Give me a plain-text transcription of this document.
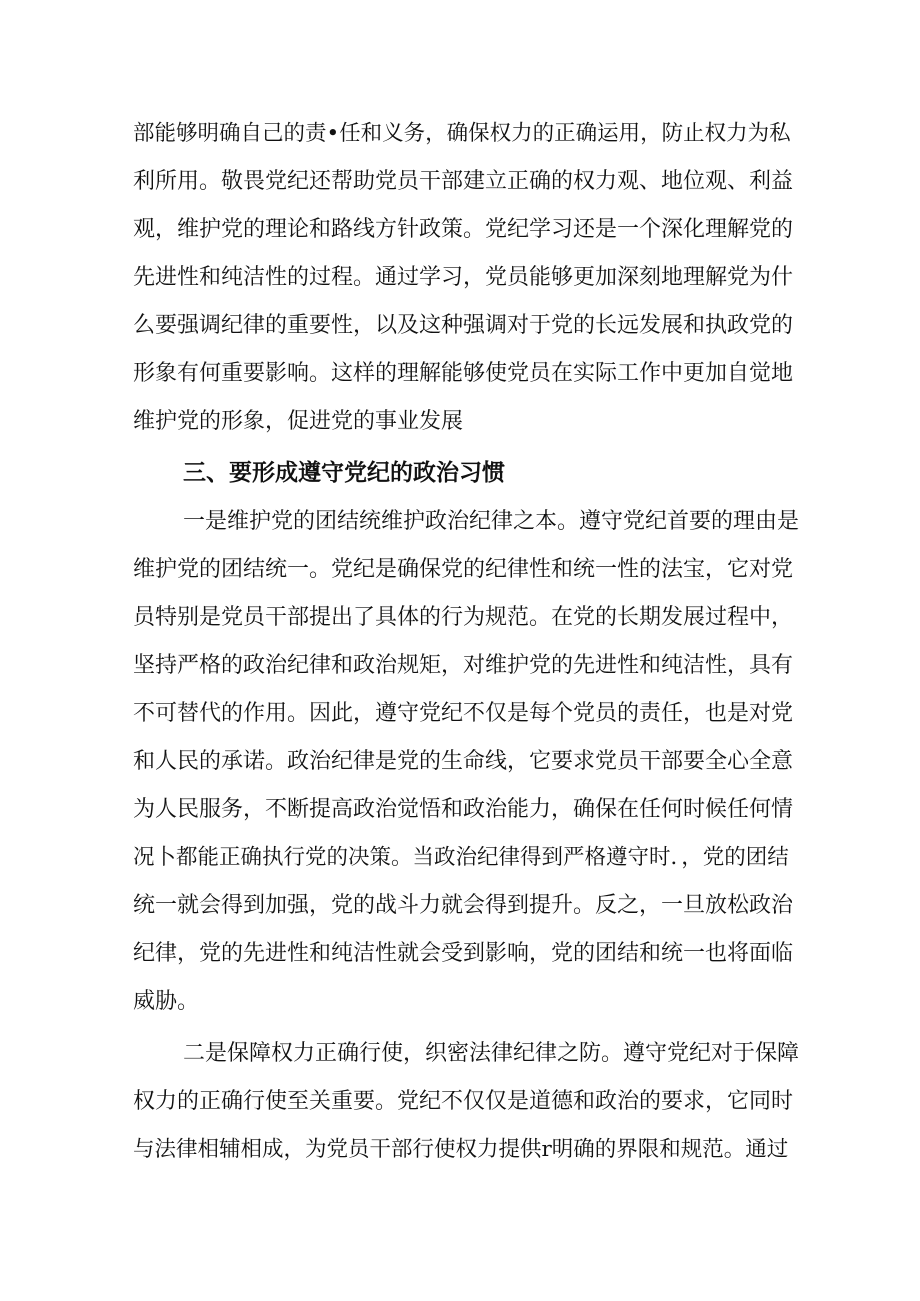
部能够明确自己的责•任和义务，确保权力的正确运用，防止权力为私

利所用。敬畏党纪还帮助党员干部建立正确的权力观、地位观、利益

观，维护党的理论和路线方针政策。党纪学习还是一个深化理解党的

先进性和纯洁性的过程。通过学习，党员能够更加深刻地理解党为什

么要强调纪律的重要性，以及这种强调对于党的长远发展和执政党的

形象有何重要影响。这样的理解能够使党员在实际工作中更加自觉地

维护党的形象，促进党的事业发展

三、要形成遵守党纪的政治习惯

一是维护党的团结统维护政治纪律之本。遵守党纪首要的理由是

维护党的团结统一。党纪是确保党的纪律性和统一性的法宝，它对党

员特别是党员干部提出了具体的行为规范。在党的长期发展过程中，

坚持严格的政治纪律和政治规矩，对维护党的先进性和纯洁性，具有

不可替代的作用。因此，遵守党纪不仅是每个党员的责任，也是对党

和人民的承诺。政治纪律是党的生命线，它要求党员干部要全心全意

为人民服务，不断提高政治觉悟和政治能力，确保在任何时候任何情

况卜都能正确执行党的决策。当政治纪律得到严格遵守时．，党的团结

统一就会得到加强，党的战斗力就会得到提升。反之，一旦放松政治

纪律，党的先进性和纯洁性就会受到影响，党的团结和统一也将面临

威胁。

二是保障权力正确行使，织密法律纪律之防。遵守党纪对于保障

权力的正确行使至关重要。党纪不仅仅是道德和政治的要求，它同时

与法律相辅相成，为党员干部行使权力提供r明确的界限和规范。通过
